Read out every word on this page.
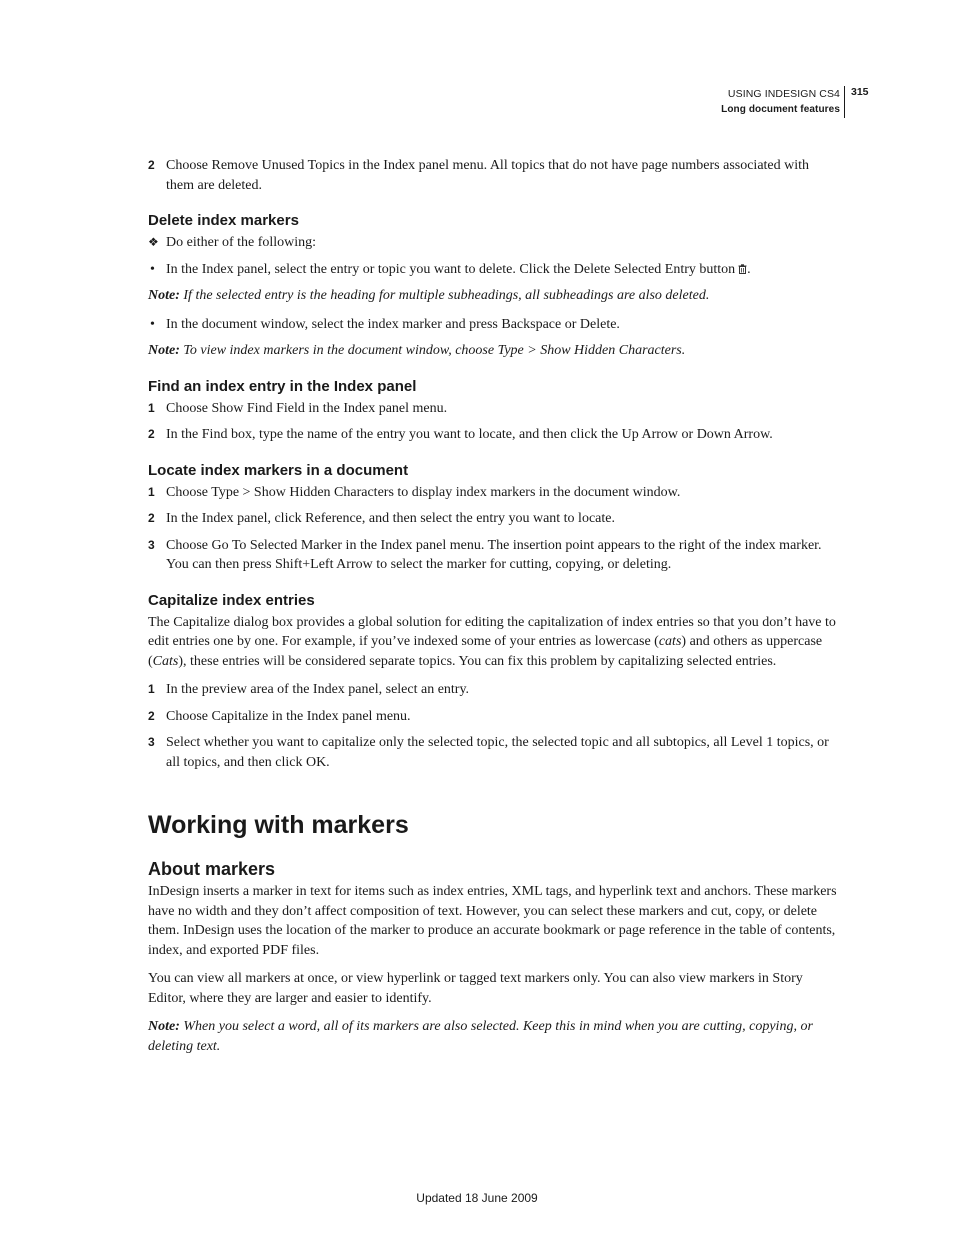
USING INDESIGN CS4
Long document features
315
2 Choose Remove Unused Topics in the Index panel menu. All topics that do not have page numbers associated with them are deleted.
Delete index markers
❖ Do either of the following:
• In the Index panel, select the entry or topic you want to delete. Click the Delete Selected Entry button .
Note: If the selected entry is the heading for multiple subheadings, all subheadings are also deleted.
• In the document window, select the index marker and press Backspace or Delete.
Note: To view index markers in the document window, choose Type > Show Hidden Characters.
Find an index entry in the Index panel
1 Choose Show Find Field in the Index panel menu.
2 In the Find box, type the name of the entry you want to locate, and then click the Up Arrow or Down Arrow.
Locate index markers in a document
1 Choose Type > Show Hidden Characters to display index markers in the document window.
2 In the Index panel, click Reference, and then select the entry you want to locate.
3 Choose Go To Selected Marker in the Index panel menu. The insertion point appears to the right of the index marker. You can then press Shift+Left Arrow to select the marker for cutting, copying, or deleting.
Capitalize index entries
The Capitalize dialog box provides a global solution for editing the capitalization of index entries so that you don’t have to edit entries one by one. For example, if you’ve indexed some of your entries as lowercase (cats) and others as uppercase (Cats), these entries will be considered separate topics. You can fix this problem by capitalizing selected entries.
1 In the preview area of the Index panel, select an entry.
2 Choose Capitalize in the Index panel menu.
3 Select whether you want to capitalize only the selected topic, the selected topic and all subtopics, all Level 1 topics, or all topics, and then click OK.
Working with markers
About markers
InDesign inserts a marker in text for items such as index entries, XML tags, and hyperlink text and anchors. These markers have no width and they don’t affect composition of text. However, you can select these markers and cut, copy, or delete them. InDesign uses the location of the marker to produce an accurate bookmark or page reference in the table of contents, index, and exported PDF files.
You can view all markers at once, or view hyperlink or tagged text markers only. You can also view markers in Story Editor, where they are larger and easier to identify.
Note: When you select a word, all of its markers are also selected. Keep this in mind when you are cutting, copying, or deleting text.
Updated 18 June 2009
